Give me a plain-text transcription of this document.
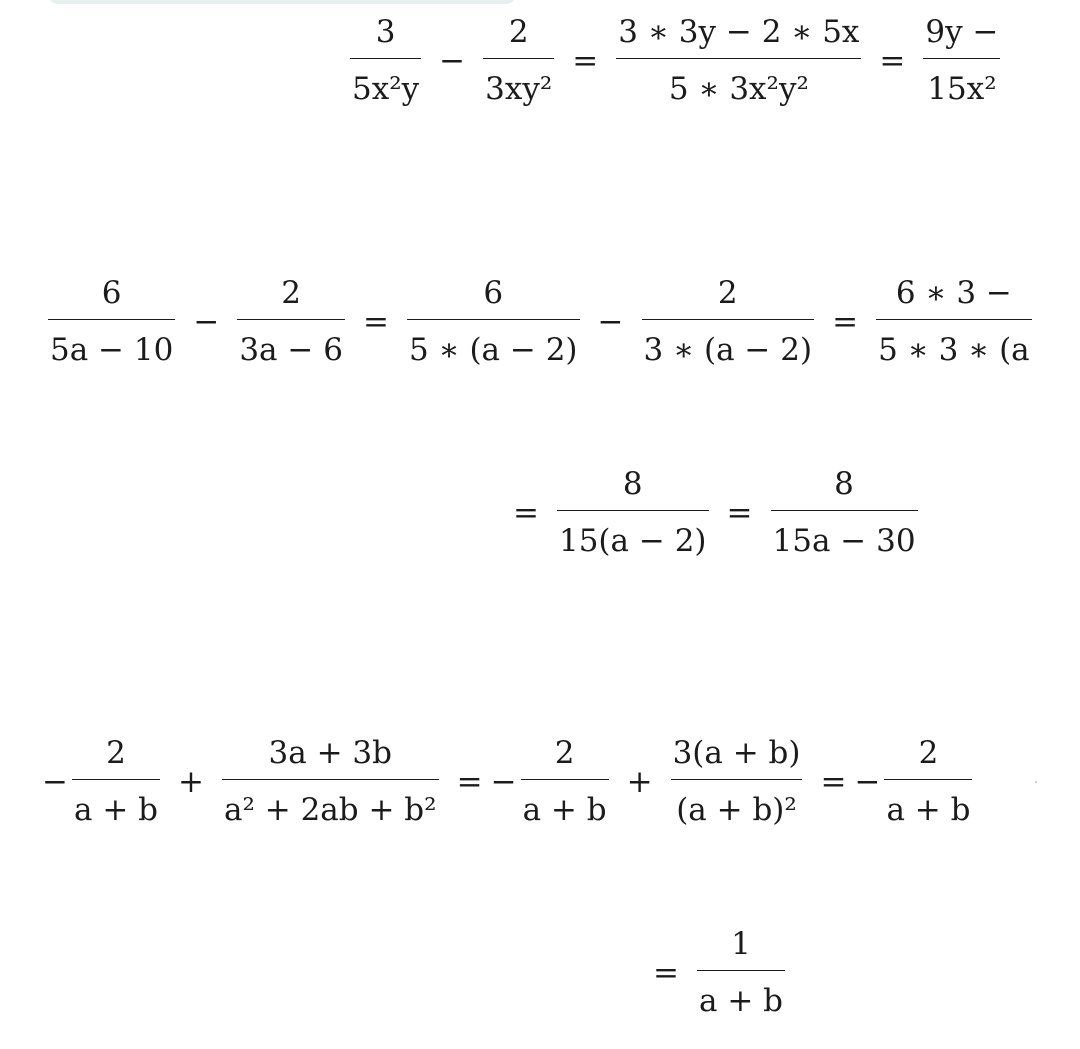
$\frac{3}{\text{5x²y}} - \frac{2}{\text{3xy²}} = \frac{3 ∗ 3y - 2 ∗ 5x}{\text{5 ∗ 3x²y²}} = \frac{9y -}{\text{15x²}}$
$\frac{6}{5a - 10} - \frac{2}{3a - 6} = \frac{6}{5 ∗ (a - 2)} - \frac{2}{3 ∗ (a - 2)} = \frac{6 ∗ 3 -}{5 ∗ 3 ∗ (a}$
= $\frac{8}{15(a - 2)} = \frac{8}{15a - 30}$
− $\frac{2}{a + b} + \frac{3a + 3b}{\text{a² + 2ab + b²}}$ = − $\frac{2}{a + b} + \frac{3(a + b)}{\text{(a + b)²}}$ = − $\frac{2}{a + b}$
= $\frac{1}{a + b}$
